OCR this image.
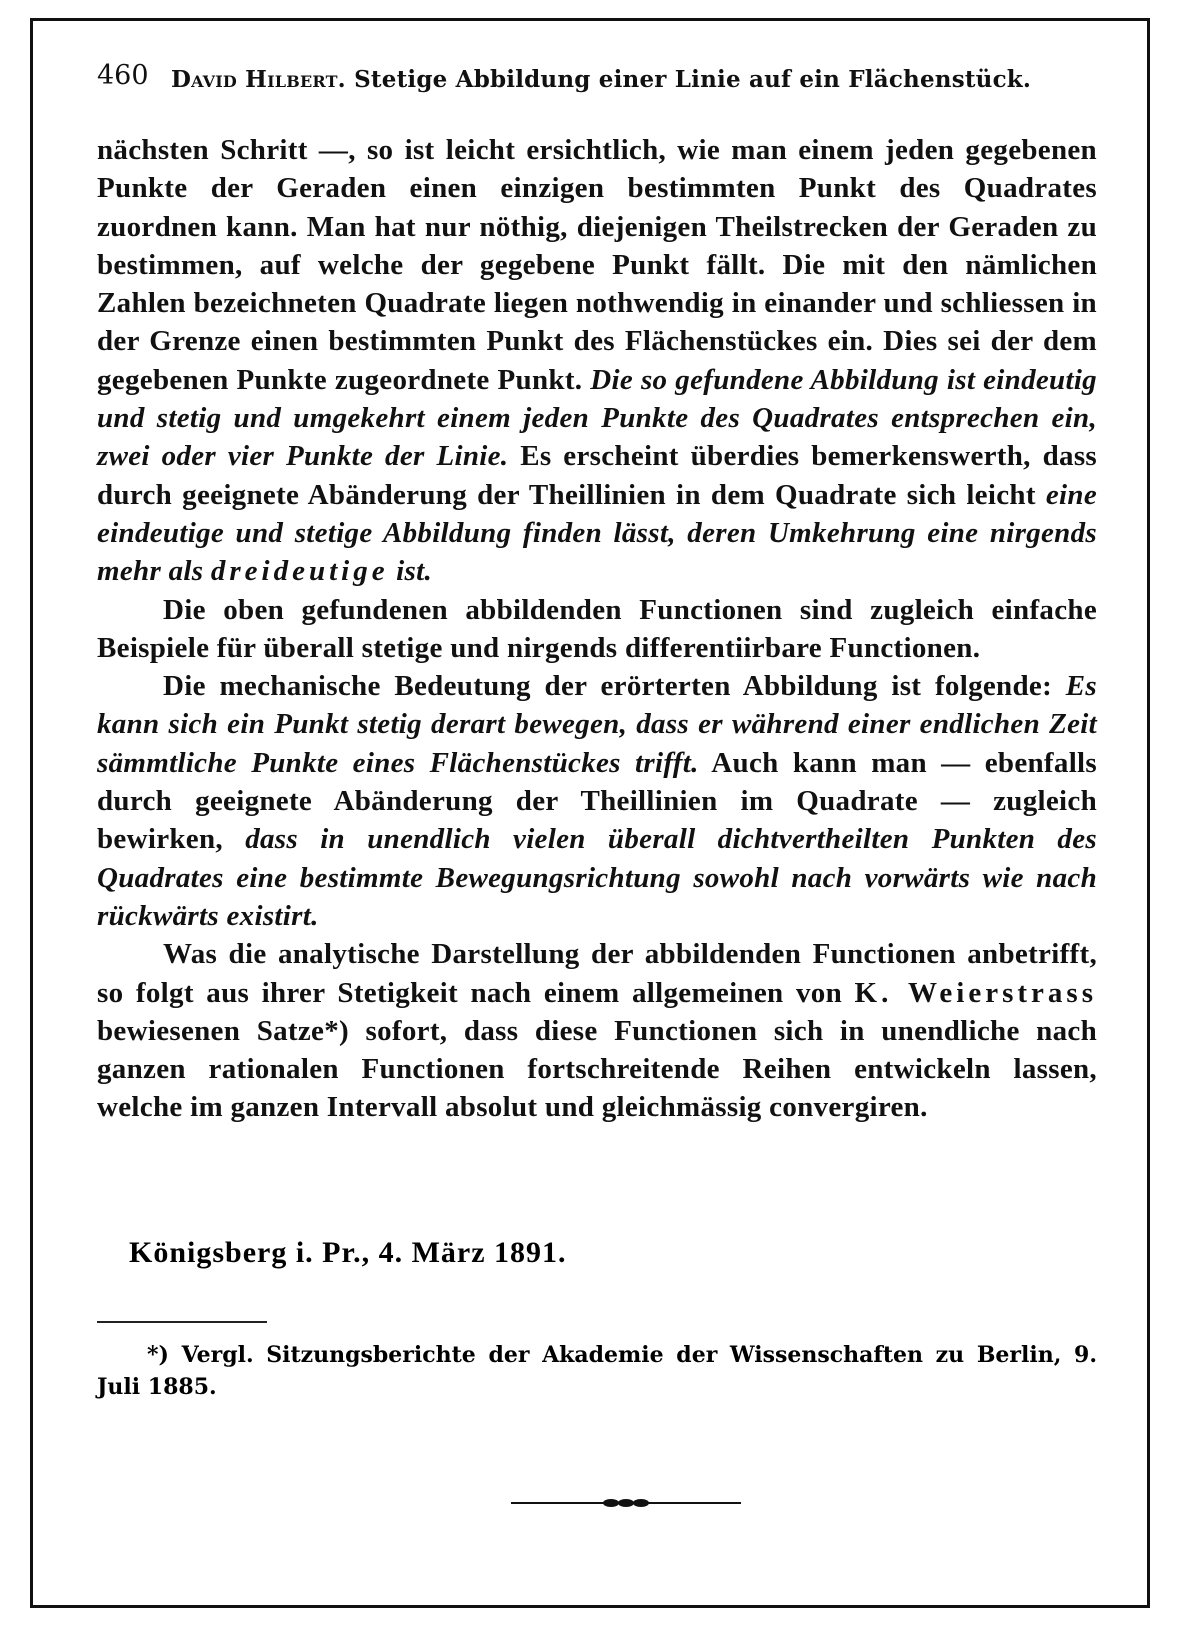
460 David Hilbert. Stetige Abbildung einer Linie auf ein Flächenstück.

nächsten Schritt —, so ist leicht ersichtlich, wie man einem jeden gegebenen Punkte der Geraden einen einzigen bestimmten Punkt des Quadrates zuordnen kann. Man hat nur nöthig, diejenigen Theilstrecken der Geraden zu bestimmen, auf welche der gegebene Punkt fällt. Die mit den nämlichen Zahlen bezeichneten Quadrate liegen nothwendig in einander und schliessen in der Grenze einen bestimmten Punkt des Flächenstückes ein. Dies sei der dem gegebenen Punkte zugeordnete Punkt. Die so gefundene Abbildung ist eindeutig und stetig und umgekehrt einem jeden Punkte des Quadrates entsprechen ein, zwei oder vier Punkte der Linie. Es erscheint überdies bemerkenswerth, dass durch geeignete Abänderung der Theillinien in dem Quadrate sich leicht eine eindeutige und stetige Abbildung finden lässt, deren Umkehrung eine nirgends mehr als dreideutige ist.

Die oben gefundenen abbildenden Functionen sind zugleich einfache Beispiele für überall stetige und nirgends differentiirbare Functionen.

Die mechanische Bedeutung der erörterten Abbildung ist folgende: Es kann sich ein Punkt stetig derart bewegen, dass er während einer endlichen Zeit sämmtliche Punkte eines Flächenstückes trifft. Auch kann man — ebenfalls durch geeignete Abänderung der Theillinien im Quadrate — zugleich bewirken, dass in unendlich vielen überall dichtvertheilten Punkten des Quadrates eine bestimmte Bewegungsrichtung sowohl nach vorwärts wie nach rückwärts existirt.

Was die analytische Darstellung der abbildenden Functionen anbetrifft, so folgt aus ihrer Stetigkeit nach einem allgemeinen von K. Weierstrass bewiesenen Satze*) sofort, dass diese Functionen sich in unendliche nach ganzen rationalen Functionen fortschreitende Reihen entwickeln lassen, welche im ganzen Intervall absolut und gleichmässig convergiren.

Königsberg i. Pr., 4. März 1891.
*) Vergl. Sitzungsberichte der Akademie der Wissenschaften zu Berlin, 9. Juli 1885.
